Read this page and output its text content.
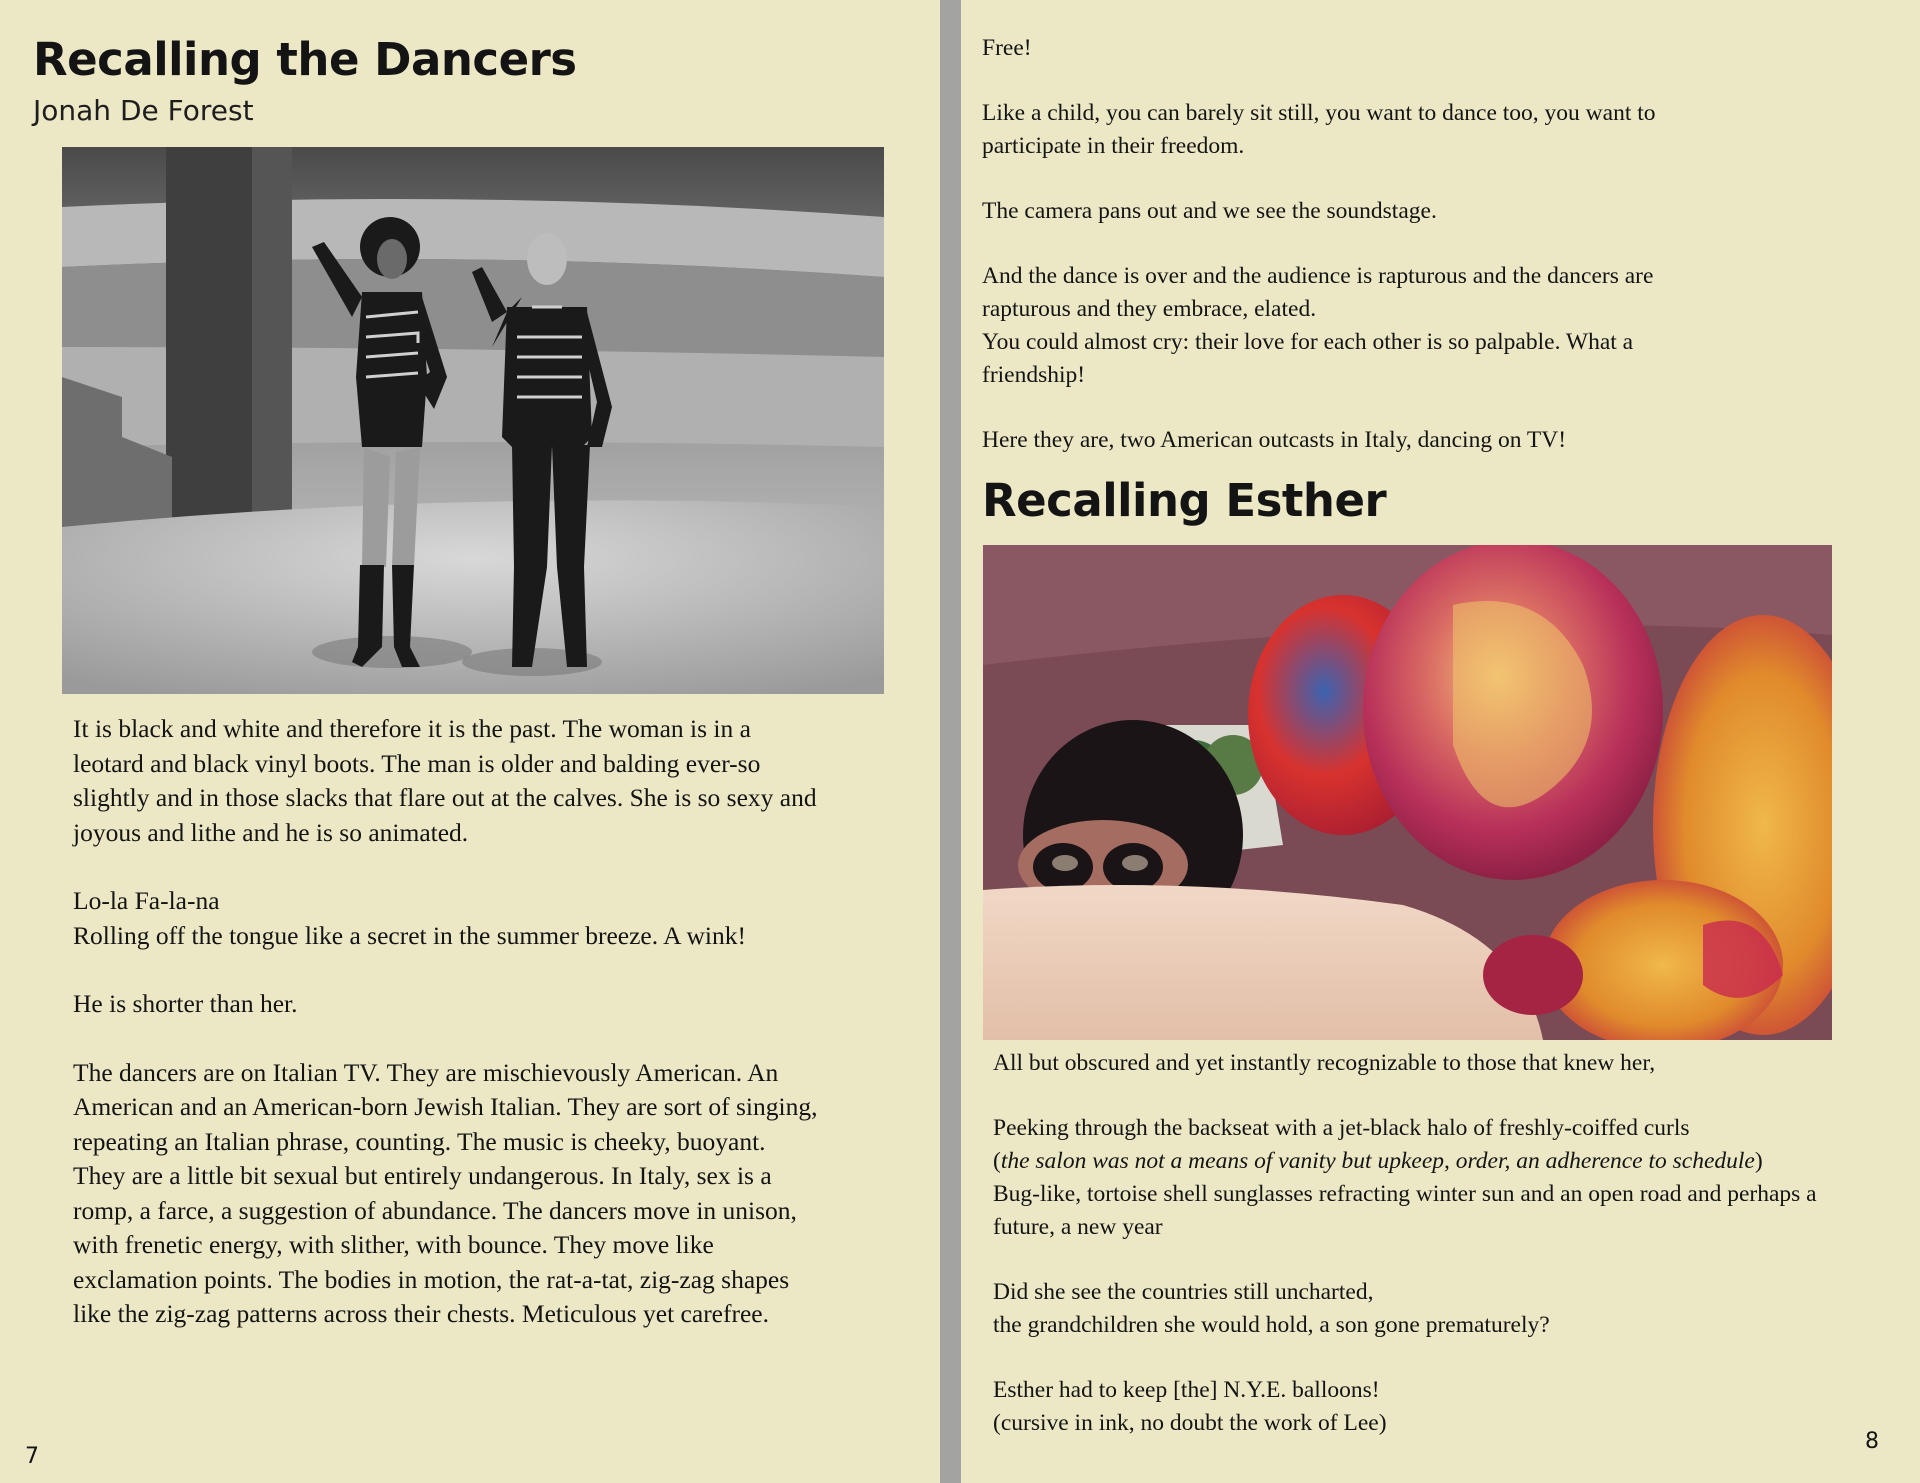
Recalling the Dancers

Jonah De Forest

It is black and white and therefore it is the past. The woman is in a

leotard and black vinyl boots. The man is older and balding ever-so

slightly and in those slacks that flare out at the calves. She is so sexy and

joyous and lithe and he is so animated.

Lo-la Fa-la-na

Rolling off the tongue like a secret in the summer breeze. A wink!

He is shorter than her.

The dancers are on Italian TV. They are mischievously American. An

American and an American-born Jewish Italian. They are sort of singing,

repeating an Italian phrase, counting. The music is cheeky, buoyant.

They are a little bit sexual but entirely undangerous. In Italy, sex is a

romp, a farce, a suggestion of abundance. The dancers move in unison,

with frenetic energy, with slither, with bounce. They move like

exclamation points. The bodies in motion, the rat-a-tat, zig-zag shapes

like the zig-zag patterns across their chests. Meticulous yet carefree.

7

Free!

Like a child, you can barely sit still, you want to dance too, you want to

participate in their freedom.

The camera pans out and we see the soundstage.

And the dance is over and the audience is rapturous and the dancers are

rapturous and they embrace, elated.

You could almost cry: their love for each other is so palpable. What a

friendship!

Here they are, two American outcasts in Italy, dancing on TV!

Recalling Esther

All but obscured and yet instantly recognizable to those that knew her,

Peeking through the backseat with a jet-black halo of freshly-coiffed curls

(the salon was not a means of vanity but upkeep, order, an adherence to schedule)

Bug-like, tortoise shell sunglasses refracting winter sun and an open road and perhaps a

future, a new year

Did she see the countries still uncharted,

the grandchildren she would hold, a son gone prematurely?

Esther had to keep [the] N.Y.E. balloons!

(cursive in ink, no doubt the work of Lee)

8
